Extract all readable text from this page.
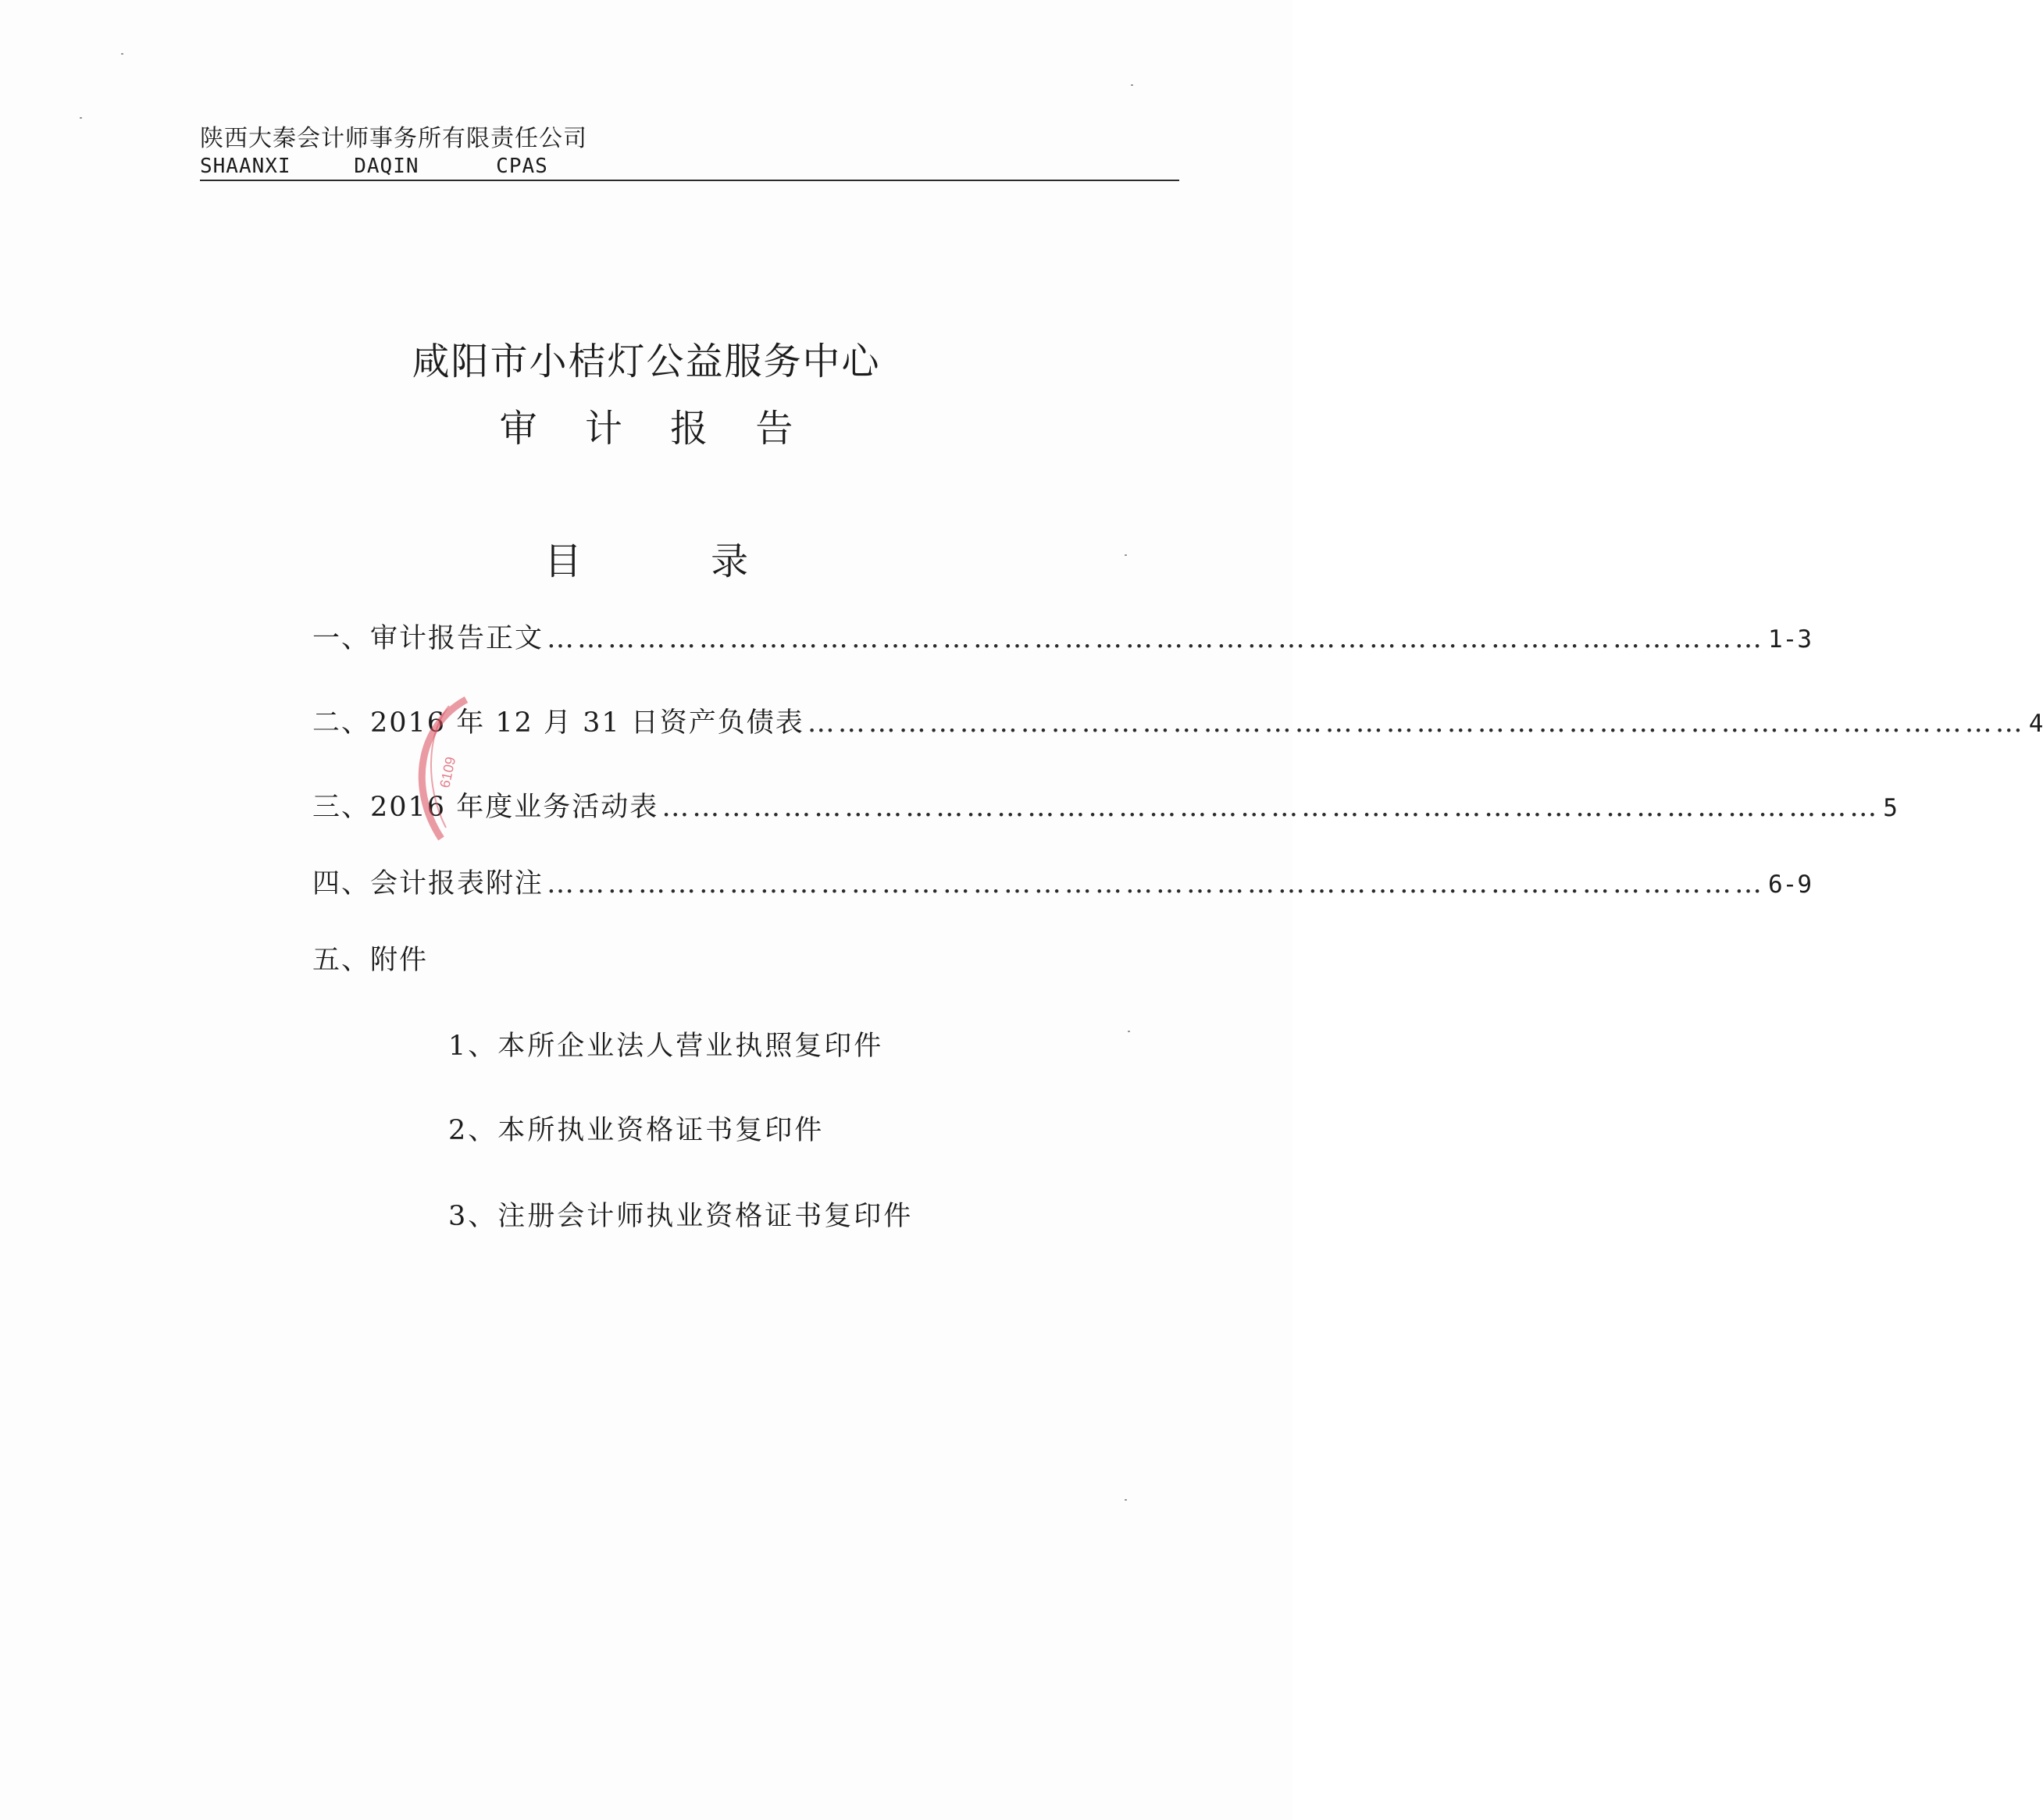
陕西大秦会计师事务所有限责任公司
SHAANXI	DAQIN	CPAS
咸阳市小桔灯公益服务中心
审 计 报 告
目 录
一、审计报告正文 ………………………………………………………………………………………………………… 1-3
二、2016 年 12 月 31 日资产负债表 ………………………………………………………………………………………………………… 4
三、2016 年度业务活动表 ………………………………………………………………………………………………………… 5
四、会计报表附注 ………………………………………………………………………………………………………… 6-9
五、附件
1、本所企业法人营业执照复印件
2、本所执业资格证书复印件
3、注册会计师执业资格证书复印件
6109
